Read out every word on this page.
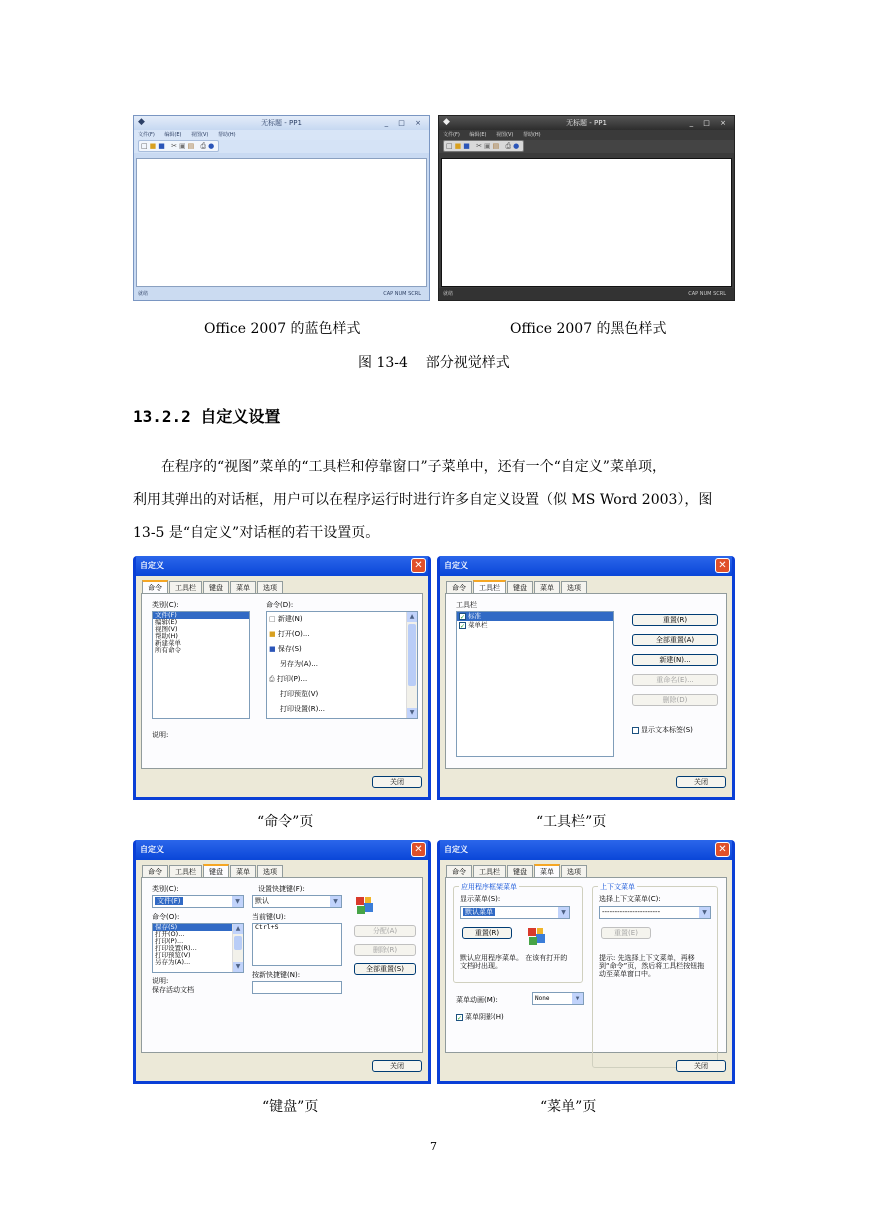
◆	无标题 - PP1	_ □ ×
文件(F) 编辑(E) 视图(V) 帮助(H)
□■■ ✂▣▤ ⎙●
就绪	CAP NUM SCRL
◆	无标题 - PP1	_ □ ×
文件(F) 编辑(E) 视图(V) 帮助(H)
□■■ ✂▣▤ ⎙●
就绪	CAP NUM SCRL
Office 2007 的蓝色样式	Office 2007 的黑色样式
图 13-4    部分视觉样式
13.2.2 自定义设置
在程序的“视图”菜单的“工具栏和停靠窗口”子菜单中，还有一个“自定义”菜单项，
利用其弹出的对话框，用户可以在程序运行时进行许多自定义设置（似 MS Word 2003），图
13-5 是“自定义”对话框的若干设置页。
自定义	✕
命令	工具栏	键盘	菜单	选项
类别(C):
文件(F)
编辑(E)
视图(V)
帮助(H)
新建菜单
所有命令
命令(D):
□ 新建(N)
■ 打开(O)...
■ 保存(S)
另存为(A)...
⎙ 打印(P)...
打印预览(V)
打印设置(R)...
▲
▼
说明:
关闭
自定义	✕
命令	工具栏	键盘	菜单	选项
工具栏
✓ 标准
✓ 菜单栏
重置(R)
全部重置(A)
新建(N)...
重命名(E)...
删除(D)
显示文本标签(S)
关闭
“命令”页	“工具栏”页
自定义	✕
命令	工具栏	键盘	菜单	选项
类别(C):
文件(F)	▼
命令(O):
保存(S)
打开(O)...
打印(P)...
打印设置(R)...
打印预览(V)
另存为(A)...
▲
▼
说明:
保存活动文档
设置快捷键(F):
默认	▼
当前键(U):
Ctrl+S
按新快捷键(N):
分配(A)
删除(R)
全部重置(S)
关闭
自定义	✕
命令	工具栏	键盘	菜单	选项
应用程序框架菜单
显示菜单(S):
默认菜单	▼
重置(R)
默认应用程序菜单。 在该有打开的文档时出现。
上下文菜单
选择上下文菜单(C):
-----------------------	▼
重置(E)
提示: 先选择上下文菜单，再移到“命令”页，然后将工具栏按钮拖动至菜单窗口中。
菜单动画(M):	None	▼
✓ 菜单阴影(H)
关闭
“键盘”页	“菜单”页
7
